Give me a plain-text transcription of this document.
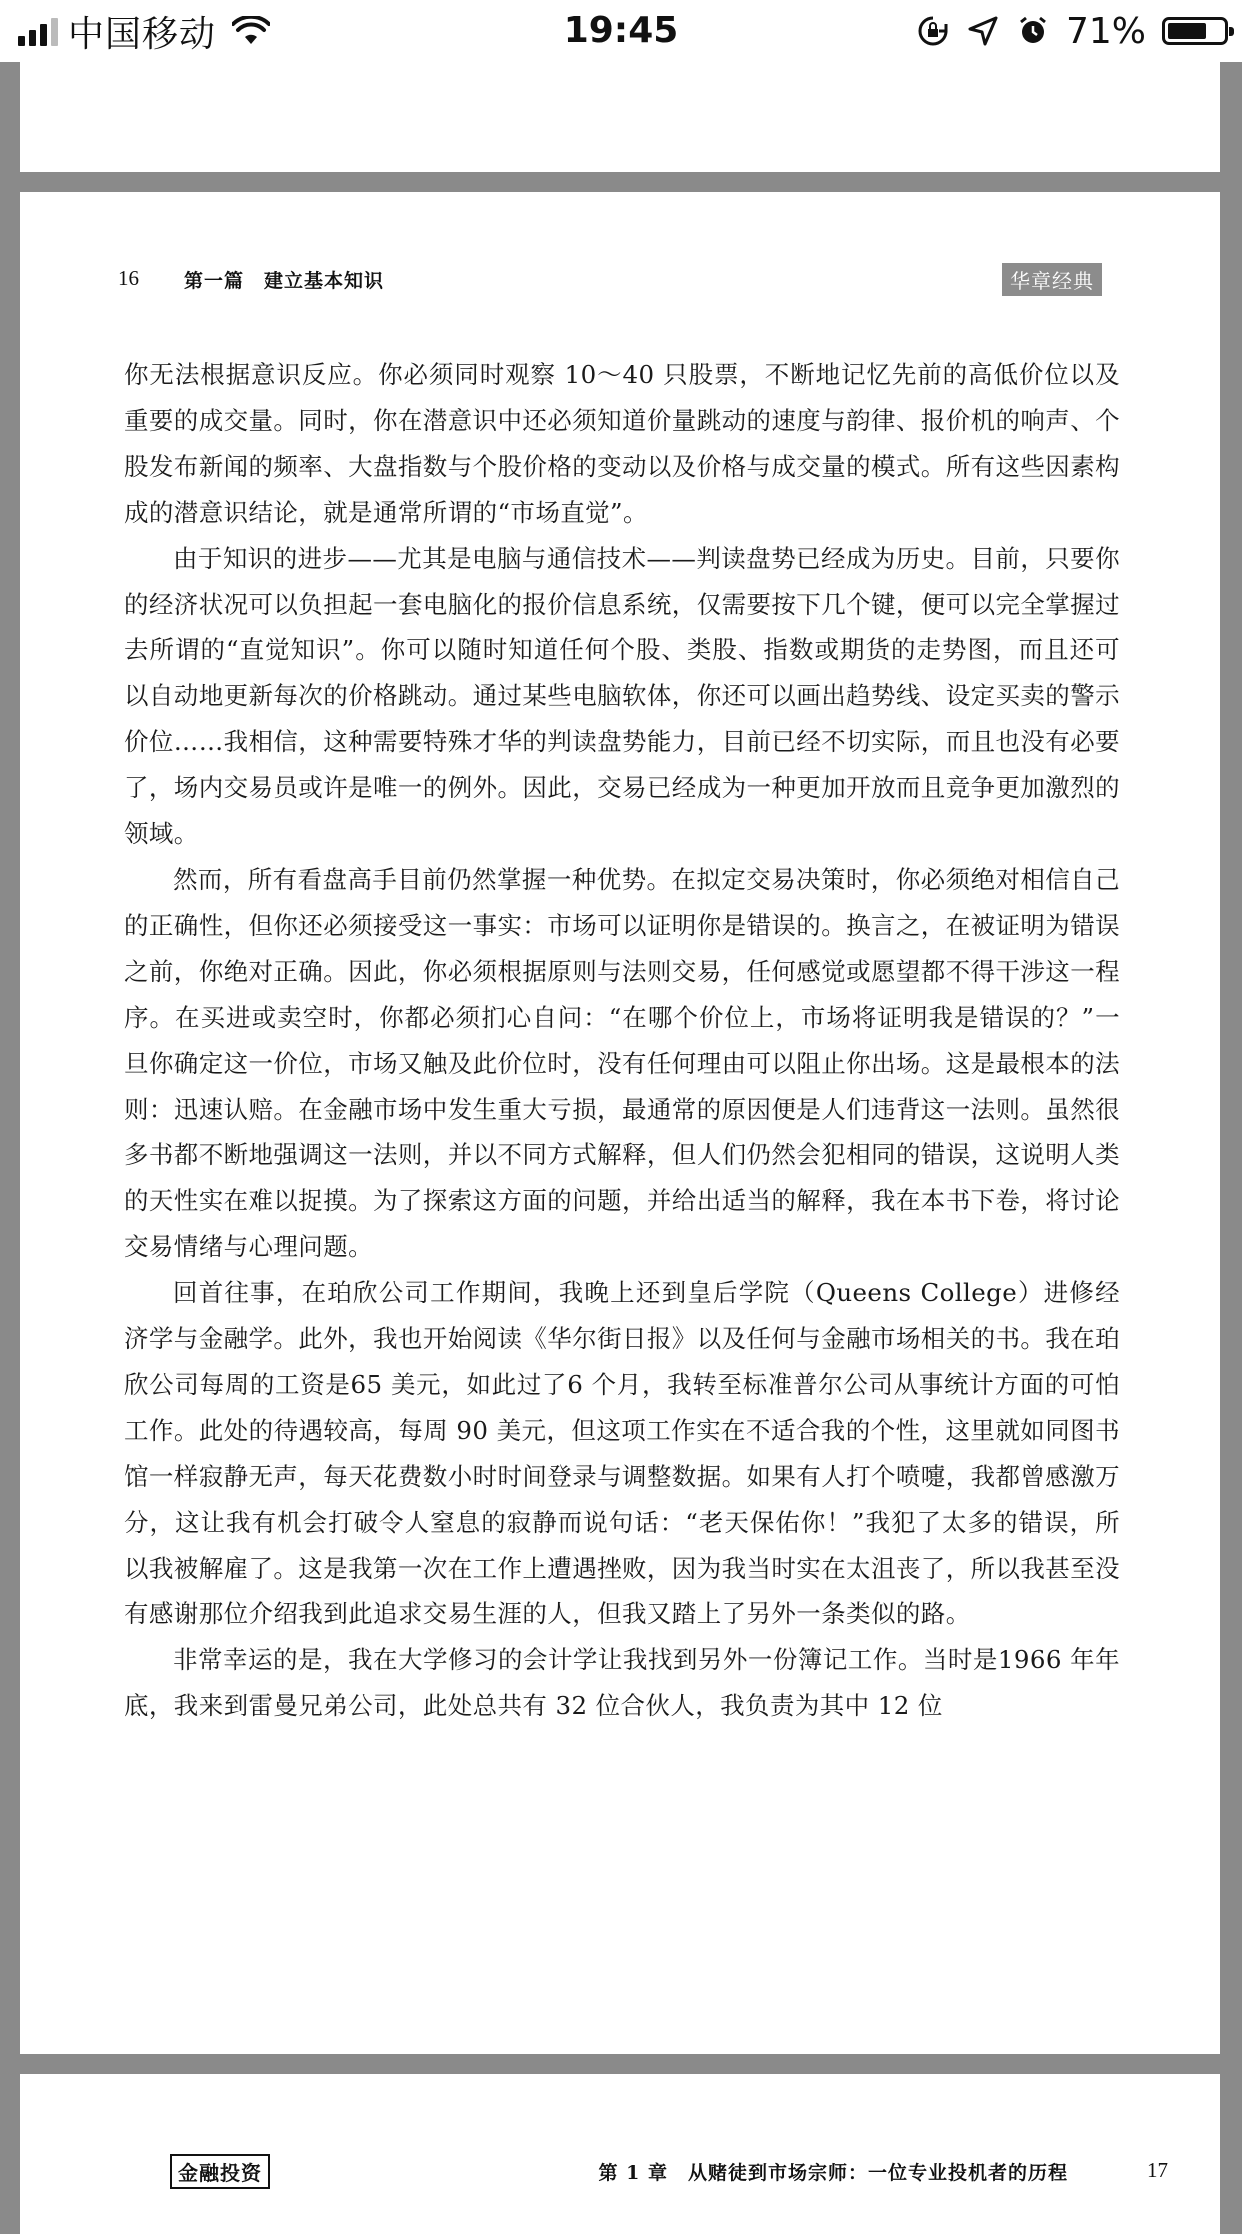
中国移动	19:45	71%
16 第一篇　建立基本知识	华章经典

你无法根据意识反应。你必须同时观察 10～40 只股票，不断地记忆先前的高低价位以及重要的成交量。同时，你在潜意识中还必须知道价量跳动的速度与韵律、报价机的响声、个股发布新闻的频率、大盘指数与个股价格的变动以及价格与成交量的模式。所有这些因素构成的潜意识结论，就是通常所谓的“市场直觉”。

由于知识的进步——尤其是电脑与通信技术——判读盘势已经成为历史。目前，只要你的经济状况可以负担起一套电脑化的报价信息系统，仅需要按下几个键，便可以完全掌握过去所谓的“直觉知识”。你可以随时知道任何个股、类股、指数或期货的走势图，而且还可以自动地更新每次的价格跳动。通过某些电脑软体，你还可以画出趋势线、设定买卖的警示价位……我相信，这种需要特殊才华的判读盘势能力，目前已经不切实际，而且也没有必要了，场内交易员或许是唯一的例外。因此，交易已经成为一种更加开放而且竞争更加激烈的领域。

然而，所有看盘高手目前仍然掌握一种优势。在拟定交易决策时，你必须绝对相信自己的正确性，但你还必须接受这一事实：市场可以证明你是错误的。换言之，在被证明为错误之前，你绝对正确。因此，你必须根据原则与法则交易，任何感觉或愿望都不得干涉这一程序。在买进或卖空时，你都必须扪心自问：“在哪个价位上，市场将证明我是错误的？”一旦你确定这一价位，市场又触及此价位时，没有任何理由可以阻止你出场。这是最根本的法则：迅速认赔。在金融市场中发生重大亏损，最通常的原因便是人们违背这一法则。虽然很多书都不断地强调这一法则，并以不同方式解释，但人们仍然会犯相同的错误，这说明人类的天性实在难以捉摸。为了探索这方面的问题，并给出适当的解释，我在本书下卷，将讨论交易情绪与心理问题。

回首往事，在珀欣公司工作期间，我晚上还到皇后学院（Queens College）进修经济学与金融学。此外，我也开始阅读《华尔街日报》以及任何与金融市场相关的书。我在珀欣公司每周的工资是65 美元，如此过了6 个月，我转至标准普尔公司从事统计方面的可怕工作。此处的待遇较高，每周 90 美元，但这项工作实在不适合我的个性，这里就如同图书馆一样寂静无声，每天花费数小时时间登录与调整数据。如果有人打个喷嚏，我都曾感激万分，这让我有机会打破令人窒息的寂静而说句话：“老天保佑你！”我犯了太多的错误，所以我被解雇了。这是我第一次在工作上遭遇挫败，因为我当时实在太沮丧了，所以我甚至没有感谢那位介绍我到此追求交易生涯的人，但我又踏上了另外一条类似的路。

非常幸运的是，我在大学修习的会计学让我找到另外一份簿记工作。当时是1966 年年底，我来到雷曼兄弟公司，此处总共有 32 位合伙人，我负责为其中 12 位

金融投资	第 1 章　从赌徒到市场宗师：一位专业投机者的历程	17
